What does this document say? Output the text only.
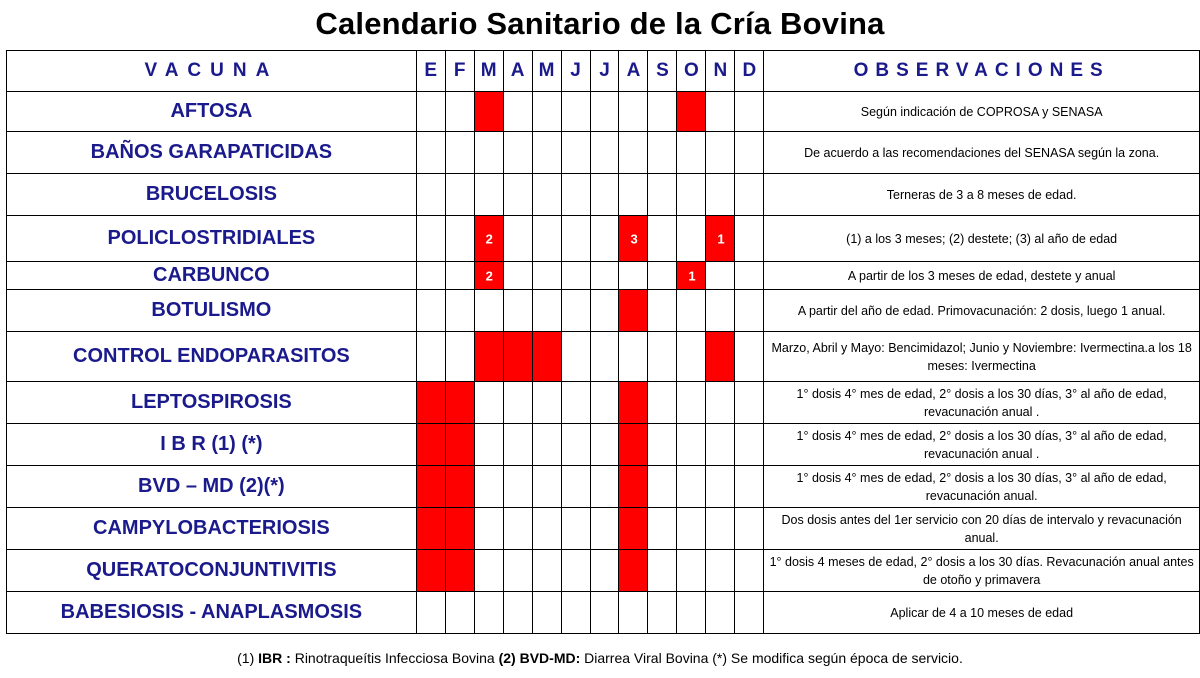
Calendario Sanitario de la Cría Bovina
VACUNA	E	F	M	A	M	J	J	A	S	O	N	D	OBSERVACIONES
AFTOSA													Según indicación de COPROSA y SENASA
BAÑOS GARAPATICIDAS													De acuerdo a las recomendaciones del SENASA según la zona.
BRUCELOSIS													Terneras de 3 a 8 meses de edad.
POLICLOSTRIDIALES			2					3			1		(1) a los 3 meses; (2) destete; (3) al año de edad
CARBUNCO			2							1			A partir de los 3 meses de edad, destete y anual
BOTULISMO													A partir del año de edad. Primovacunación: 2 dosis, luego 1 anual.
CONTROL ENDOPARASITOS													Marzo, Abril y Mayo: Bencimidazol; Junio y Noviembre: Ivermectina.a los 18 meses: Ivermectina
LEPTOSPIROSIS													1° dosis 4° mes de edad, 2° dosis a los 30 días, 3° al año de edad, revacunación anual .
I B R (1) (*)													1° dosis 4° mes de edad, 2° dosis a los 30 días, 3° al año de edad, revacunación anual .
BVD – MD (2)(*)													1° dosis 4° mes de edad, 2° dosis a los 30 días, 3° al año de edad, revacunación anual.
CAMPYLOBACTERIOSIS													Dos dosis antes del 1er servicio con 20 días de intervalo y revacunación anual.
QUERATOCONJUNTIVITIS													1° dosis 4 meses de edad, 2° dosis a los 30 días. Revacunación anual antes de otoño y primavera
BABESIOSIS - ANAPLASMOSIS													Aplicar de 4 a 10 meses de edad
(1) IBR : Rinotraqueítis Infecciosa Bovina (2) BVD-MD: Diarrea Viral Bovina (*) Se modifica según época de servicio.
